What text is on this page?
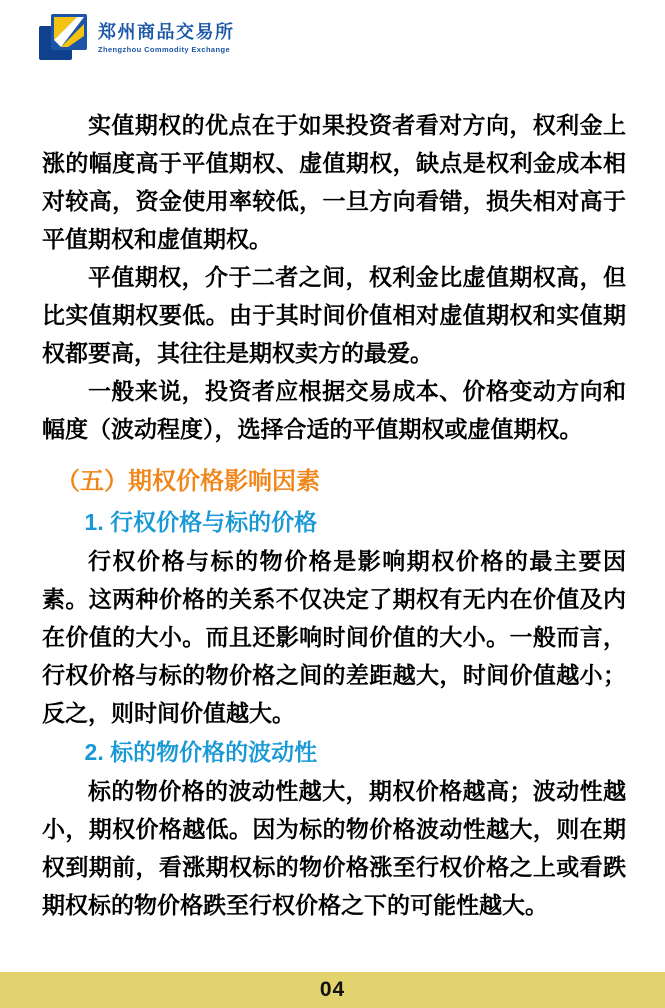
郑州商品交易所
Zhengzhou Commodity Exchange

实值期权的优点在于如果投资者看对方向，权利金上涨的幅度高于平值期权、虚值期权，缺点是权利金成本相对较高，资金使用率较低，一旦方向看错，损失相对高于平值期权和虚值期权。

平值期权，介于二者之间，权利金比虚值期权高，但比实值期权要低。由于其时间价值相对虚值期权和实值期权都要高，其往往是期权卖方的最爱。

一般来说，投资者应根据交易成本、价格变动方向和幅度（波动程度），选择合适的平值期权或虚值期权。

（五）期权价格影响因素

1. 行权价格与标的价格

行权价格与标的物价格是影响期权价格的最主要因素。这两种价格的关系不仅决定了期权有无内在价值及内在价值的大小。而且还影响时间价值的大小。一般而言，行权价格与标的物价格之间的差距越大，时间价值越小；反之，则时间价值越大。

2. 标的物价格的波动性

标的物价格的波动性越大，期权价格越高；波动性越小，期权价格越低。因为标的物价格波动性越大，则在期权到期前，看涨期权标的物价格涨至行权价格之上或看跌期权标的物价格跌至行权价格之下的可能性越大。

04
